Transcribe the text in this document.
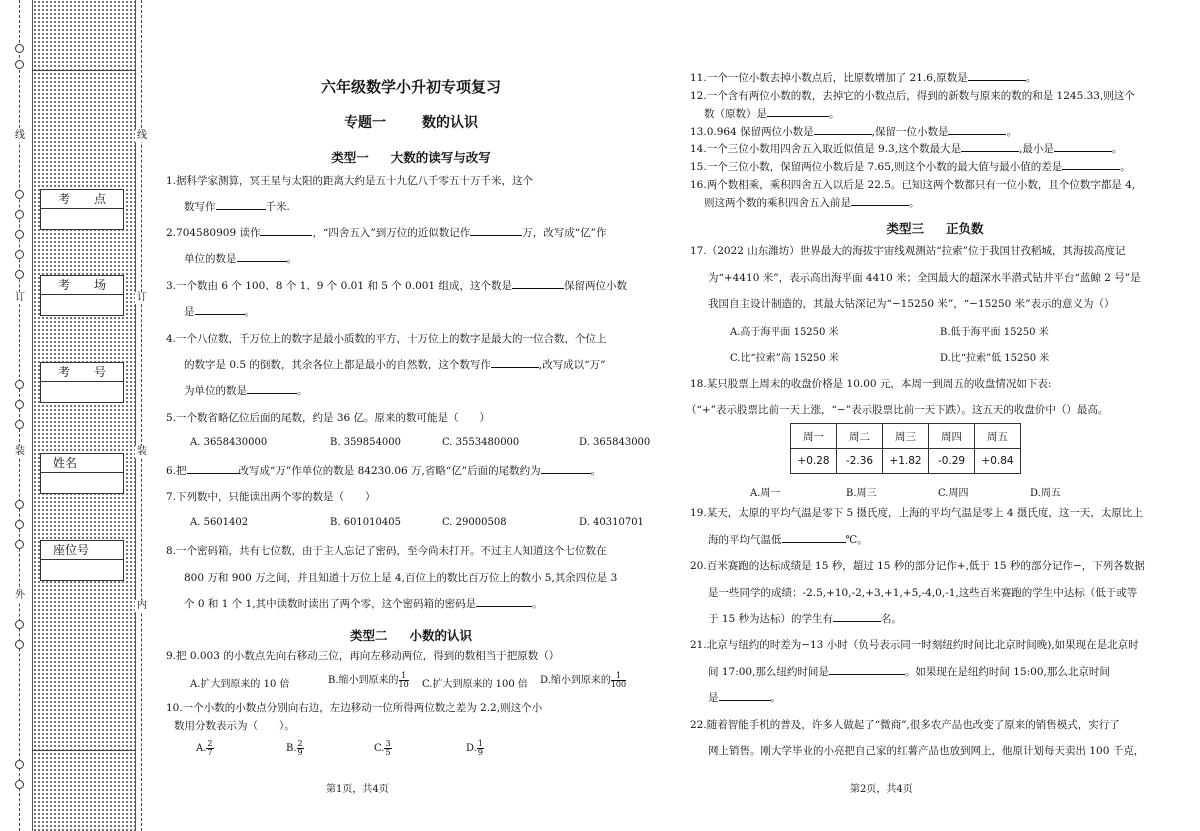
线
订
装
外
线
订
装
内
考　　点
考　　场
考　　号
姓名
座位号
六年级数学小升初专项复习
专题一	数的认识
类型一 大数的读写与改写
1.据科学家测算，冥王星与太阳的距离大约是五十九亿八千零五十万千米，这个
数写作	千米.
2.704580909 读作	，“四舍五入”到万位的近似数记作	万，改写成“亿”作
单位的数是	。
3.一个数由 6 个 100、8 个 1、9 个 0.01 和 5 个 0.001 组成，这个数是	保留两位小数
是	。
4.一个八位数，千万位上的数字是最小质数的平方，十万位上的数字是最大的一位合数，个位上
的数字是 0.5 的倒数，其余各位上都是最小的自然数，这个数写作	,改写成以“万”
为单位的数是	。
5.一个数省略亿位后面的尾数，约是 36 亿。原来的数可能是（　　）
A. 3658430000	B. 359854000	C. 3553480000	D. 365843000
6.把	改写成“万”作单位的数是 84230.06 万,省略“亿”后面的尾数约为	。
7.下列数中，只能读出两个零的数是（　　）
A. 5601402	B. 601010405	C. 29000508	D. 40310701
8.一个密码箱，共有七位数，由于主人忘记了密码，至今尚未打开。不过主人知道这个七位数在
800 万和 900 万之间，并且知道十万位上是 4,百位上的数比百万位上的数小 5,其余四位是 3
个 0 和 1 个 1,其中读数时读出了两个零，这个密码箱的密码是	。
类型二 小数的认识
9.把 0.003 的小数点先向右移动三位，再向左移动两位，得到的数相当于把原数（）
A.扩大到原来的 10 倍	B.缩小到原来的 $\frac{1}{10} C$.扩大到原来的 100 倍 D.缩小到原来的 $\frac{1}{100}$
10.一个小数的小数点分别向右边，左边移动一位所得两位数之差为 2.2,则这个小
数用分数表示为（　　）。
A. $\frac{2}{7}$	B. $\frac{2}{9}$	C. $\frac{3}{5}$	D. $\frac{1}{9}$
第1页，共4页
11.一个一位小数去掉小数点后，比原数增加了 21.6,原数是	。
12.一个含有两位小数的数，去掉它的小数点后，得到的新数与原来的数的和是 1245.33,则这个
数（原数）是	。
13.0.964 保留两位小数是	,保留一位小数是	。
14.一个三位小数用四舍五入取近似值是 9.3,这个数最大是	,最小是	。
15.一个三位小数，保留两位小数后是 7.65,则这个小数的最大值与最小值的差是	。
16.两个数相乘，乘积四舍五入以后是 22.5。已知这两个数都只有一位小数，且个位数字都是 4,
则这两个数的乘积四舍五入前是	。
类型三 正负数
17.（2022 山东潍坊）世界最大的海拔宇宙线观测站“拉索”位于我国甘孜稻城，其海拔高度记
为“+4410 米”，表示高出海平面 4410 米；全国最大的超深水半潜式钻井平台“蓝鲸 2 号”是
我国自主设计制造的，其最大钻深记为“−15250 米”，“−15250 米”表示的意义为（）
A.高于海平面 15250 米	B.低于海平面 15250 米
C.比“拉索”高 15250 米	D.比“拉索”低 15250 米
18.某只股票上周末的收盘价格是 10.00 元，本周一到周五的收盘情况如下表:
（“+”表示股票比前一天上涨，“−”表示股票比前一天下跌）。这五天的收盘价中（）最高。
周一	周二	周三	周四	周五
+0.28	-2.36	+1.82	-0.29	+0.84
A.周一	B.周三	C.周四	D.周五
19.某天，太原的平均气温是零下 5 摄氏度，上海的平均气温是零上 4 摄氏度，这一天，太原比上
海的平均气温低	℃。
20.百米赛跑的达标成绩是 15 秒，超过 15 秒的部分记作+,低于 15 秒的部分记作−，下列各数据
是一些同学的成绩：-2.5,+10,-2,+3,+1,+5,-4,0,-1,这些百米赛跑的学生中达标（低于或等
于 15 秒为达标）的学生有	名。
21.北京与纽约的时差为−13 小时（负号表示同一时刻纽约时间比北京时间晚),如果现在是北京时
间 17:00,那么纽约时间是	。如果现在是纽约时间 15:00,那么北京时间
是	。
22.随着智能手机的普及，许多人做起了“微商”,很多农产品也改变了原来的销售模式，实行了
网上销售。刚大学毕业的小亮把自己家的红薯产品也放到网上，他原计划每天卖出 100 千克，
第2页，共4页
